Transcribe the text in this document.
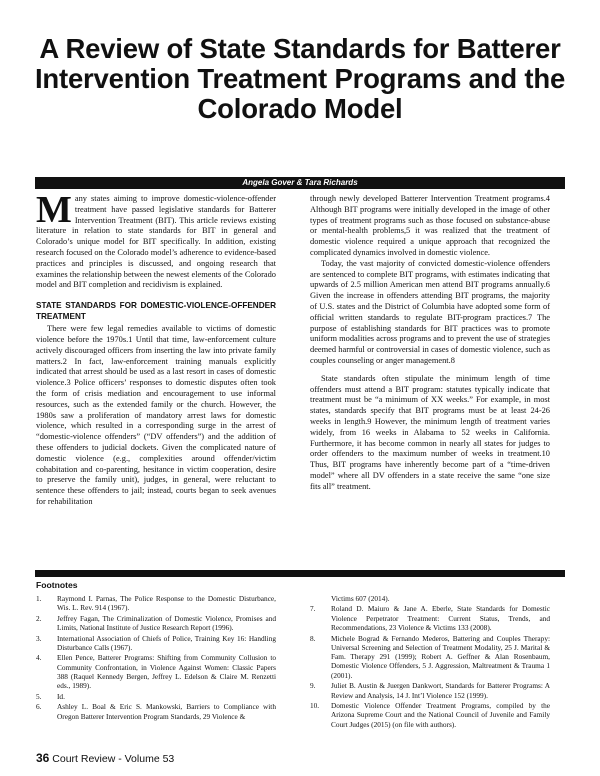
A Review of State Standards for Batterer Intervention Treatment Programs and the Colorado Model
Angela Gover & Tara Richards

Many states aiming to improve domestic-violence-offender treatment have passed legislative standards for Batterer Intervention Treatment (BIT). This article reviews existing literature in relation to state standards for BIT in general and Colorado’s unique model for BIT specifically. In addition, existing research focused on the Colorado model’s adherence to evidence-based practices and principles is discussed, and ongoing research that examines the relationship between the newest elements of the Colorado model and BIT completion and recidivism is explained.

STATE STANDARDS FOR DOMESTIC-VIOLENCE-OFFENDER TREATMENT

There were few legal remedies available to victims of domestic violence before the 1970s.1 Until that time, law-enforcement culture actively discouraged officers from inserting the law into private family matters.2 In fact, law-enforcement training manuals explicitly indicated that arrest should be used as a last resort in cases of domestic violence.3 Police officers’ responses to domestic disputes often took the form of crisis mediation and encouragement to use informal resources, such as the extended family or the church. However, the 1980s saw a proliferation of mandatory arrest laws for domestic violence, which resulted in a corresponding surge in the arrest of “domestic-violence offenders” (“DV offenders”) and the addition of these offenders to judicial dockets. Given the complicated nature of domestic violence (e.g., complexities around offender/victim cohabitation and co-parenting, hesitance in victim cooperation, desire to preserve the family unit), judges, in general, were reluctant to sentence these offenders to jail; instead, courts began to seek avenues for rehabilitation

through newly developed Batterer Intervention Treatment programs.4 Although BIT programs were initially developed in the image of other types of treatment programs such as those focused on substance-abuse or mental-health problems,5 it was realized that the treatment of domestic violence required a unique approach that recognized the complicated dynamics involved in domestic violence.

Today, the vast majority of convicted domestic-violence offenders are sentenced to complete BIT programs, with estimates indicating that upwards of 2.5 million American men attend BIT programs annually.6 Given the increase in offenders attending BIT programs, the majority of U.S. states and the District of Columbia have adopted some form of official written standards to regulate BIT-program practices.7 The purpose of establishing standards for BIT practices was to promote uniform modalities across programs and to prevent the use of strategies deemed harmful or controversial in cases of domestic violence, such as couples counseling or anger management.8

State standards often stipulate the minimum length of time offenders must attend a BIT program: statutes typically indicate that treatment must be “a minimum of XX weeks.” For example, in most states, standards specify that BIT programs must be at least 24-26 weeks in length.9 However, the minimum length of treatment varies widely, from 16 weeks in Alabama to 52 weeks in California. Furthermore, it has become common in nearly all states for judges to order offenders to the maximum number of weeks in treatment.10 Thus, BIT programs have inherently become part of a “time-driven model” where all DV offenders in a state receive the same “one size fits all” treatment.

Footnotes
1.	Raymond I. Parnas, The Police Response to the Domestic Disturbance, Wis. L. Rev. 914 (1967).
2.	Jeffrey Fagan, The Criminalization of Domestic Violence, Promises and Limits, National Institute of Justice Research Report (1996).
3.	International Association of Chiefs of Police, Training Key 16: Handling Disturbance Calls (1967).
4.	Ellen Pence, Batterer Programs: Shifting from Community Collusion to Community Confrontation, in Violence Against Women: Classic Papers 388 (Raquel Kennedy Bergen, Jeffrey L. Edelson & Claire M. Renzetti eds., 1989).
5.	Id.
6.	Ashley L. Boal & Eric S. Mankowski, Barriers to Compliance with Oregon Batterer Intervention Program Standards, 29 Violence &
Victims 607 (2014).
7.	Roland D. Maiuro & Jane A. Eberle, State Standards for Domestic Violence Perpetrator Treatment: Current Status, Trends, and Recommendations, 23 Violence & Victims 133 (2008).
8.	Michele Bograd & Fernando Mederos, Battering and Couples Therapy: Universal Screening and Selection of Treatment Modality, 25 J. Marital & Fam. Therapy 291 (1999); Robert A. Geffner & Alan Rosenbaum, Domestic Violence Offenders, 5 J. Aggression, Maltreatment & Trauma 1 (2001).
9.	Juliet B. Austin & Juergen Dankwort, Standards for Batterer Programs: A Review and Analysis, 14 J. Int’l Violence 152 (1999).
10.	Domestic Violence Offender Treatment Programs, compiled by the Arizona Supreme Court and the National Council of Juvenile and Family Court Judges (2015) (on file with authors).
36 Court Review - Volume 53
